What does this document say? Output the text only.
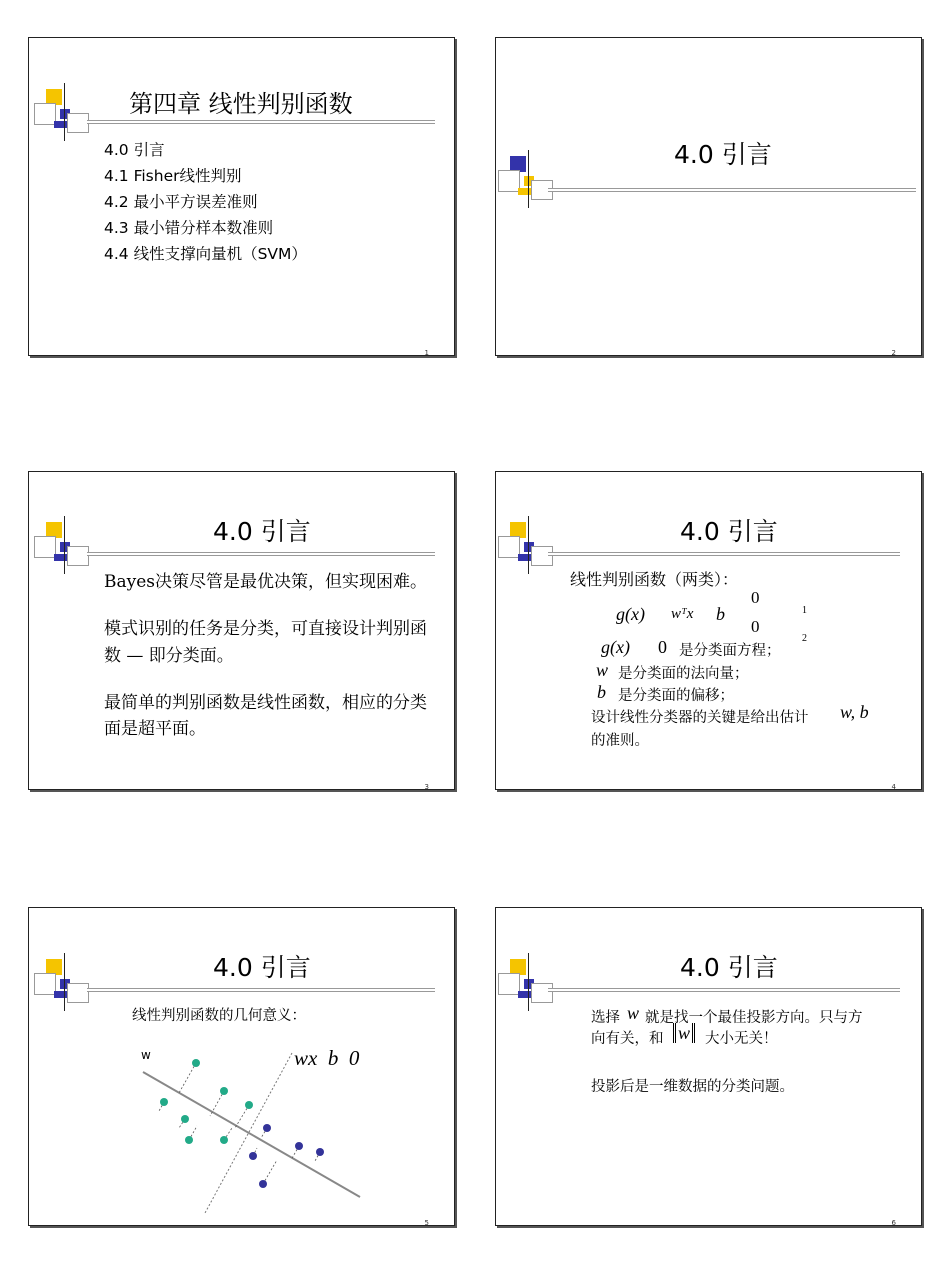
第四章 线性判别函数
4.0 引言
4.1 Fisher线性判别
4.2 最小平方误差准则
4.3 最小错分样本数准则
4.4 线性支撑向量机（SVM）
1
4.0 引言
2
4.0 引言
Bayes决策尽管是最优决策，但实现困难。
模式识别的任务是分类，可直接设计判别函数 — 即分类面。
最简单的判别函数是线性函数，相应的分类面是超平面。
3
4.0 引言
线性判别函数（两类）：
g(x) wᵀx b
0
0
1
2
g(x) 0 是分类面方程；
w 是分类面的法向量；
b 是分类面的偏移；
设计线性分类器的关键是给出估计 w, b
的准则。
4
4.0 引言
线性判别函数的几何意义：
w	wx  b  0
5
4.0 引言
选择 w 就是找一个最佳投影方向。只与方
向有关，和 w	大小无关！
投影后是一维数据的分类问题。
6
